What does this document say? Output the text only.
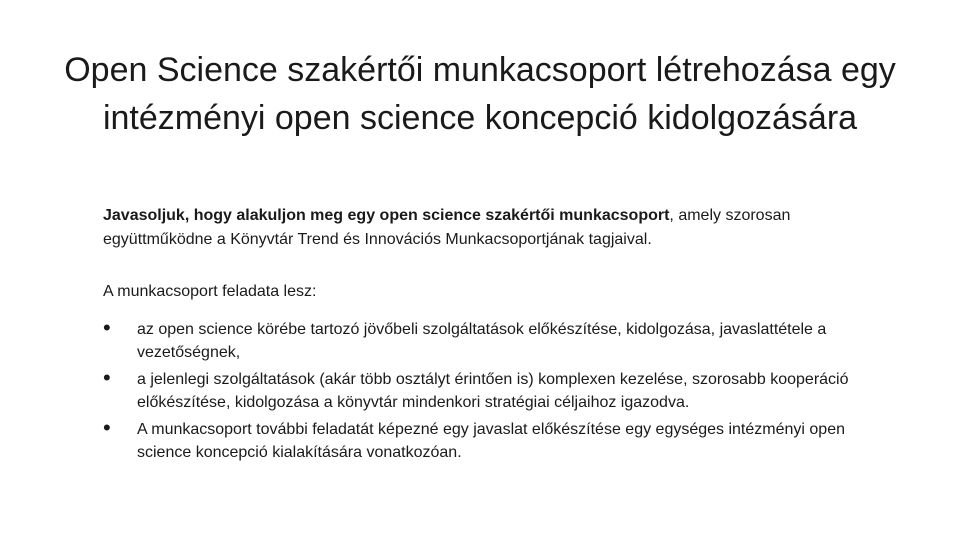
Open Science szakértői munkacsoport létrehozása egy
intézményi open science koncepció kidolgozására

Javasoljuk, hogy alakuljon meg egy open science szakértői munkacsoport, amely szorosan együttműködne a Könyvtár Trend és Innovációs Munkacsoportjának tagjaival.

A munkacsoport feladata lesz:

• az open science körébe tartozó jövőbeli szolgáltatások előkészítése, kidolgozása, javaslattétele a vezetőségnek,
• a jelenlegi szolgáltatások (akár több osztályt érintően is) komplexen kezelése, szorosabb kooperáció előkészítése, kidolgozása a könyvtár mindenkori stratégiai céljaihoz igazodva.
• A munkacsoport további feladatát képezné egy javaslat előkészítése egy egységes intézményi open science koncepció kialakítására vonatkozóan.
